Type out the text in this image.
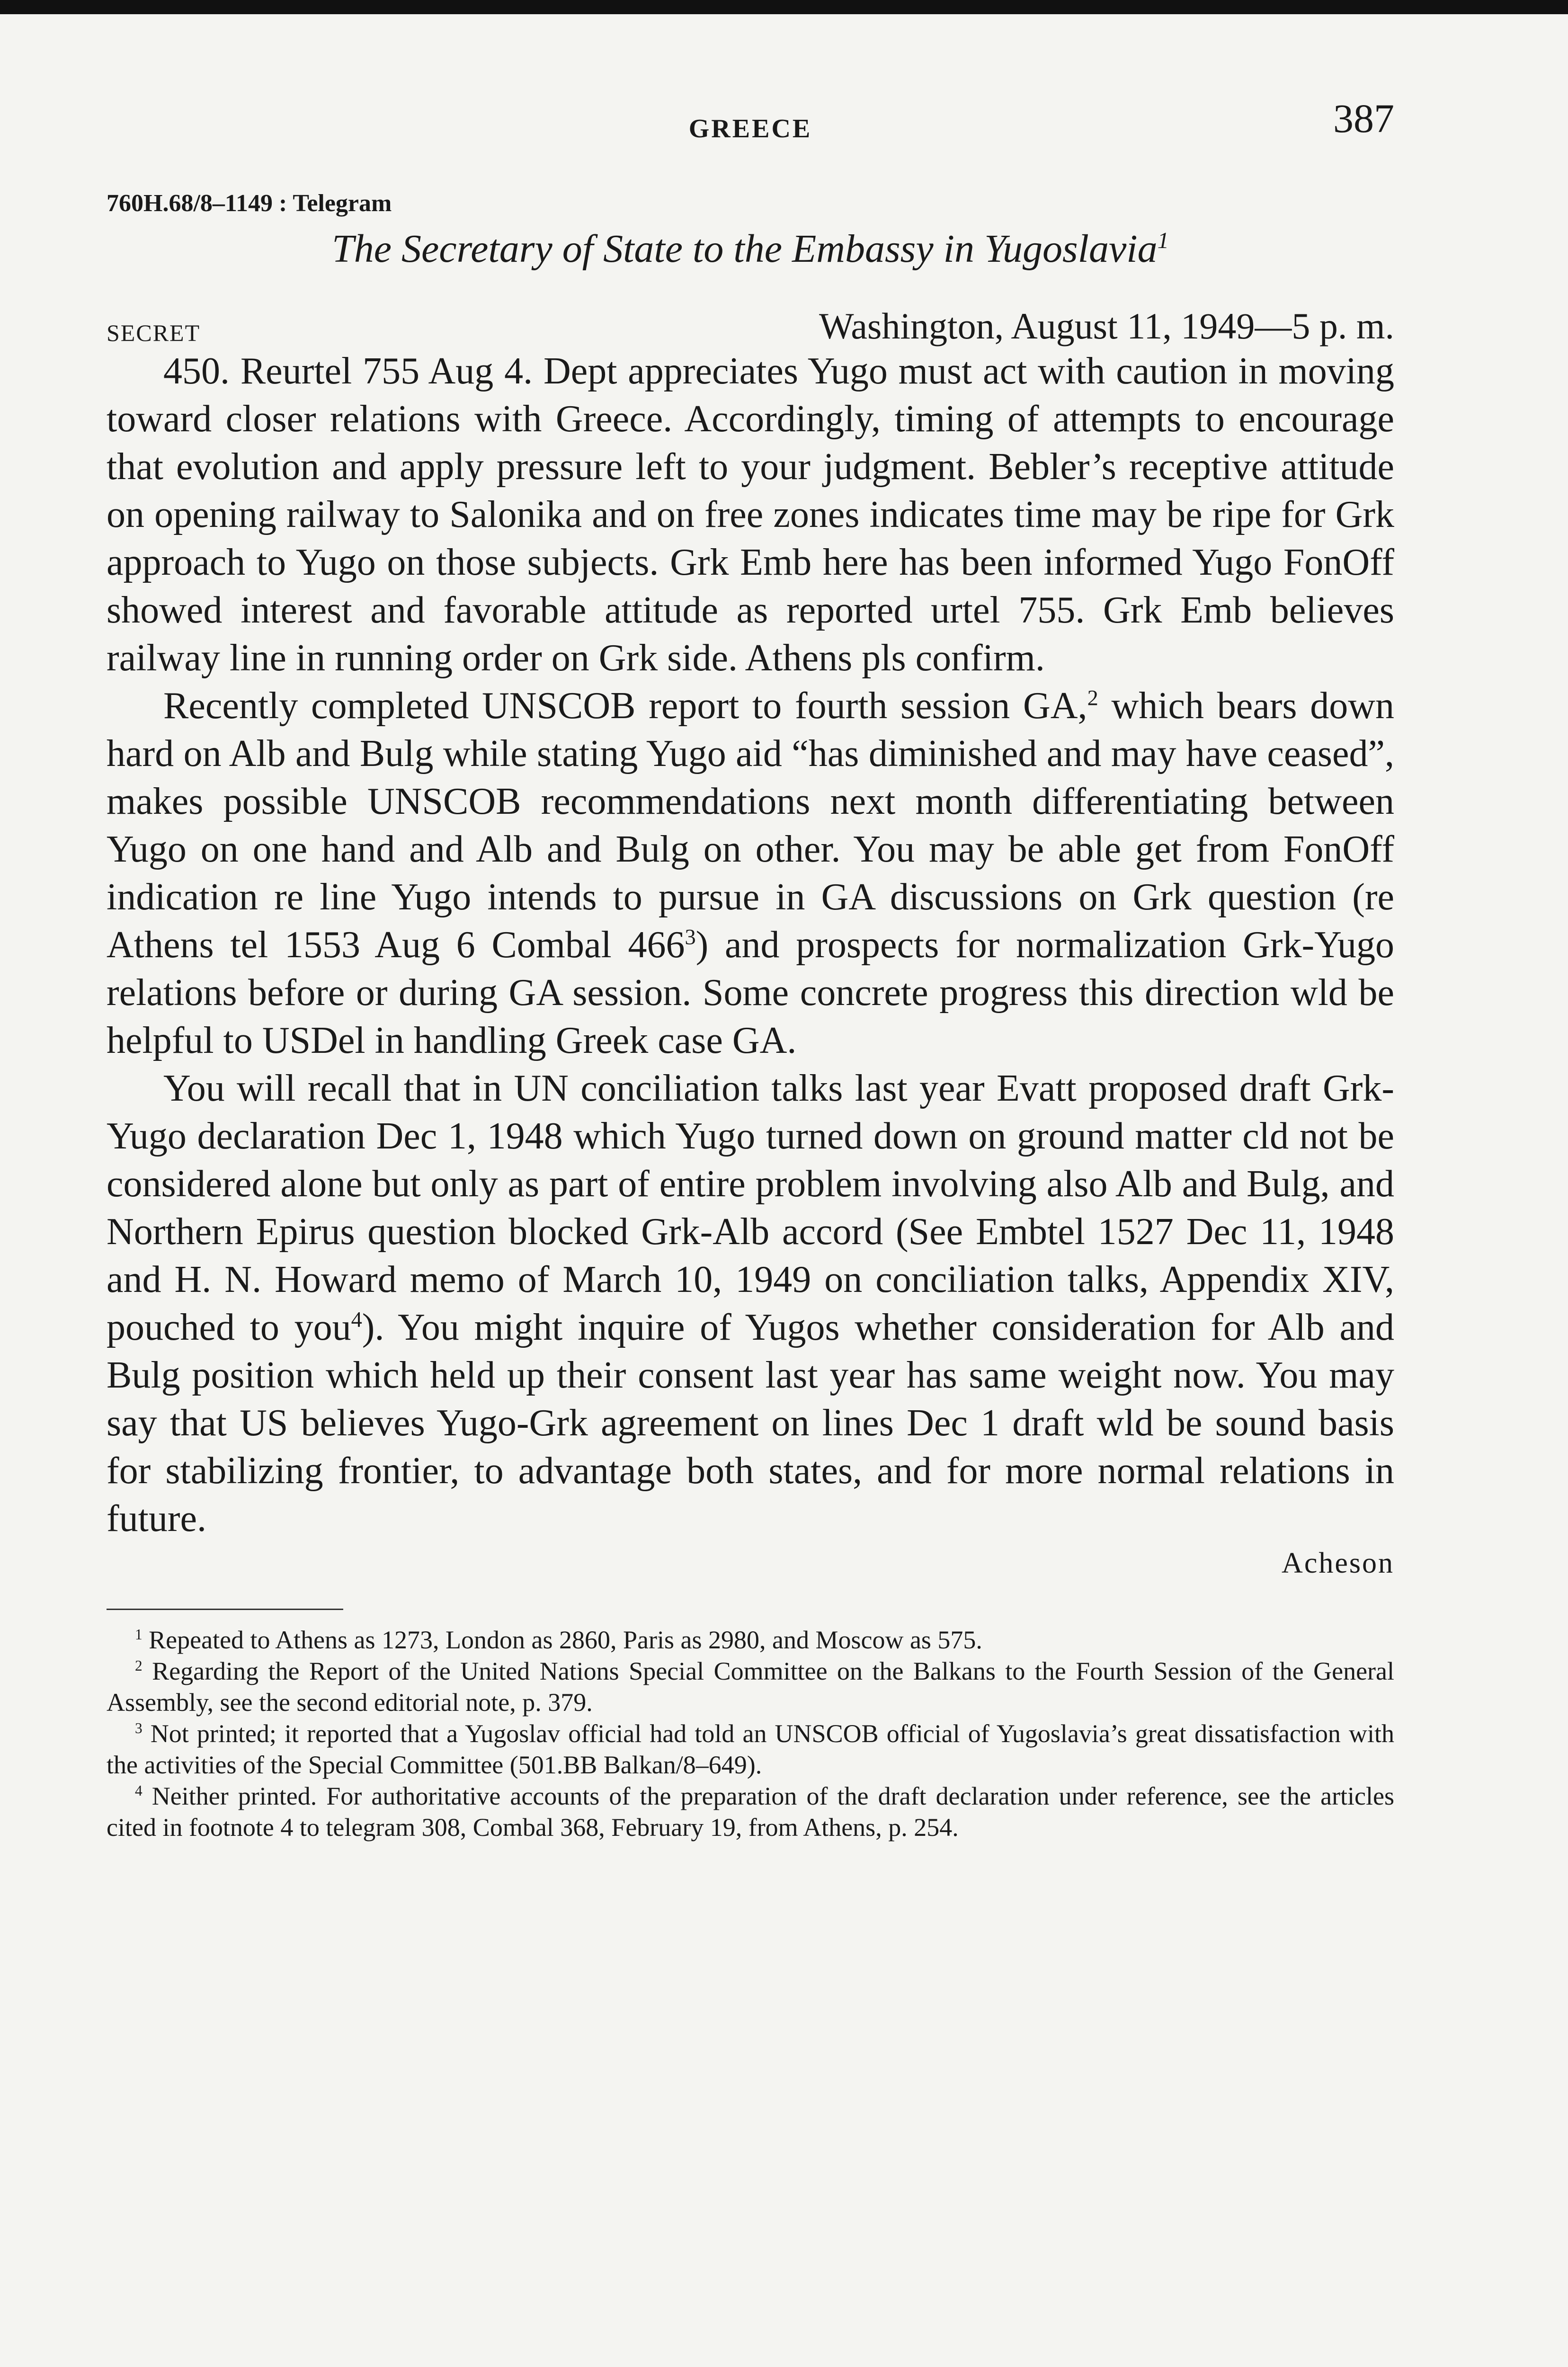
GREECE	387
760H.68/8–1149 : Telegram
The Secretary of State to the Embassy in Yugoslavia$^1$
SECRET	Washington, August 11, 1949—5 p. m.

450. Reurtel 755 Aug 4. Dept appreciates Yugo must act with caution in moving toward closer relations with Greece. Accordingly, timing of attempts to encourage that evolution and apply pressure left to your judgment. Bebler’s receptive attitude on opening railway to Salonika and on free zones indicates time may be ripe for Grk approach to Yugo on those subjects. Grk Emb here has been informed Yugo FonOff showed interest and favorable attitude as reported urtel 755. Grk Emb believes railway line in running order on Grk side. Athens pls confirm.

Recently completed UNSCOB report to fourth session GA,$^2$ which bears down hard on Alb and Bulg while stating Yugo aid “has diminished and may have ceased”, makes possible UNSCOB recommendations next month differentiating between Yugo on one hand and Alb and Bulg on other. You may be able get from FonOff indication re line Yugo intends to pursue in GA discussions on Grk question (re Athens tel 1553 Aug 6 Combal $466^3$) and prospects for normalization Grk-Yugo relations before or during GA session. Some concrete progress this direction wld be helpful to USDel in handling Greek case GA.

You will recall that in UN conciliation talks last year Evatt proposed draft Grk-Yugo declaration Dec 1, 1948 which Yugo turned down on ground matter cld not be considered alone but only as part of entire problem involving also Alb and Bulg, and Northern Epirus question blocked Grk-Alb accord (See Embtel 1527 Dec 11, 1948 and H. N. Howard memo of March 10, 1949 on conciliation talks, Appendix XIV, pouched to you$^4$). You might inquire of Yugos whether consideration for Alb and Bulg position which held up their consent last year has same weight now. You may say that US believes Yugo-Grk agreement on lines Dec 1 draft wld be sound basis for stabilizing frontier, to advantage both states, and for more normal relations in future.

Acheson

$^1$ Repeated to Athens as 1273, London as 2860, Paris as 2980, and Moscow as 575.

$^2$ Regarding the Report of the United Nations Special Committee on the Balkans to the Fourth Session of the General Assembly, see the second editorial note, p. 379.

$^3$ Not printed; it reported that a Yugoslav official had told an UNSCOB official of Yugoslavia’s great dissatisfaction with the activities of the Special Committee (501.BB Balkan/8–649).

$^4$ Neither printed. For authoritative accounts of the preparation of the draft declaration under reference, see the articles cited in footnote 4 to telegram 308, Combal 368, February 19, from Athens, p. 254.
